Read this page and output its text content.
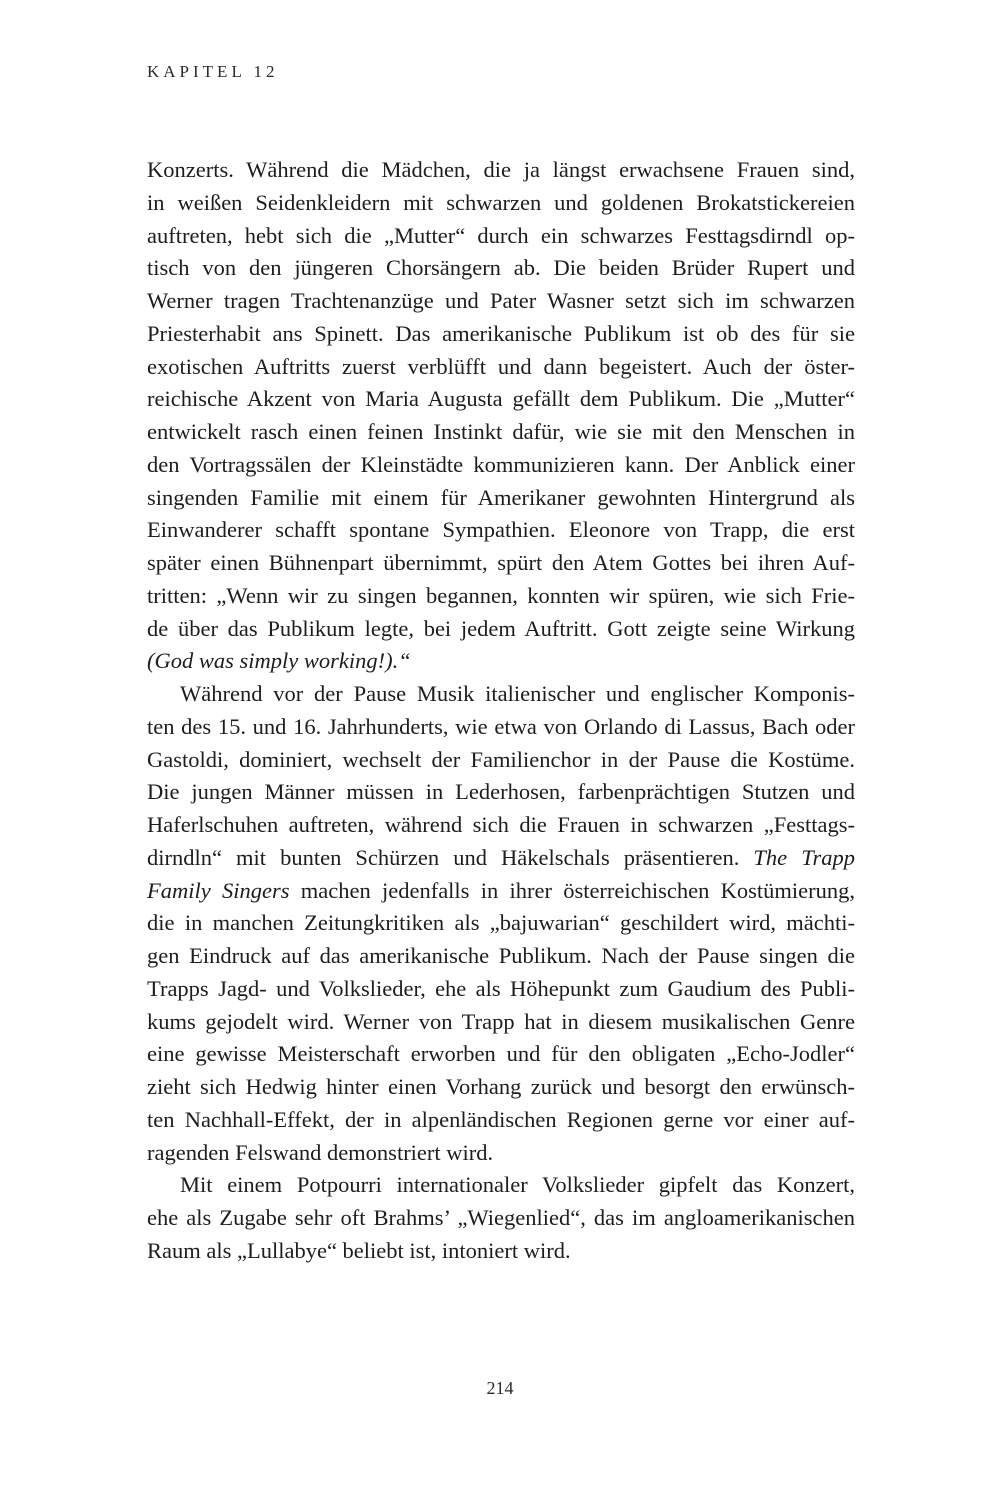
KAPITEL 12
Konzerts. Während die Mädchen, die ja längst erwachsene Frauen sind,
in weißen Seidenkleidern mit schwarzen und goldenen Brokatstickereien
auftreten, hebt sich die „Mutter“ durch ein schwarzes Festtagsdirndl op-
tisch von den jüngeren Chorsängern ab. Die beiden Brüder Rupert und
Werner tragen Trachtenanzüge und Pater Wasner setzt sich im schwarzen
Priesterhabit ans Spinett. Das amerikanische Publikum ist ob des für sie
exotischen Auftritts zuerst verblüfft und dann begeistert. Auch der öster-
reichische Akzent von Maria Augusta gefällt dem Publikum. Die „Mutter“
entwickelt rasch einen feinen Instinkt dafür, wie sie mit den Menschen in
den Vortragssälen der Kleinstädte kommunizieren kann. Der Anblick einer
singenden Familie mit einem für Amerikaner gewohnten Hintergrund als
Einwanderer schafft spontane Sympathien. Eleonore von Trapp, die erst
später einen Bühnenpart übernimmt, spürt den Atem Gottes bei ihren Auf-
tritten: „Wenn wir zu singen begannen, konnten wir spüren, wie sich Frie-
de über das Publikum legte, bei jedem Auftritt. Gott zeigte seine Wirkung
(God was simply working!).“
Während vor der Pause Musik italienischer und englischer Komponis-
ten des 15. und 16. Jahrhunderts, wie etwa von Orlando di Lassus, Bach oder
Gastoldi, dominiert, wechselt der Familienchor in der Pause die Kostüme.
Die jungen Männer müssen in Lederhosen, farbenprächtigen Stutzen und
Haferlschuhen auftreten, während sich die Frauen in schwarzen „Festtags-
dirndln“ mit bunten Schürzen und Häkelschals präsentieren. The Trapp
Family Singers machen jedenfalls in ihrer österreichischen Kostümierung,
die in manchen Zeitungkritiken als „bajuwarian“ geschildert wird, mächti-
gen Eindruck auf das amerikanische Publikum. Nach der Pause singen die
Trapps Jagd- und Volkslieder, ehe als Höhepunkt zum Gaudium des Publi-
kums gejodelt wird. Werner von Trapp hat in diesem musikalischen Genre
eine gewisse Meisterschaft erworben und für den obligaten „Echo-Jodler“
zieht sich Hedwig hinter einen Vorhang zurück und besorgt den erwünsch-
ten Nachhall-Effekt, der in alpenländischen Regionen gerne vor einer auf-
ragenden Felswand demonstriert wird.
Mit einem Potpourri internationaler Volkslieder gipfelt das Konzert,
ehe als Zugabe sehr oft Brahms’ „Wiegenlied“, das im angloamerikanischen
Raum als „Lullabye“ beliebt ist, intoniert wird.
214
